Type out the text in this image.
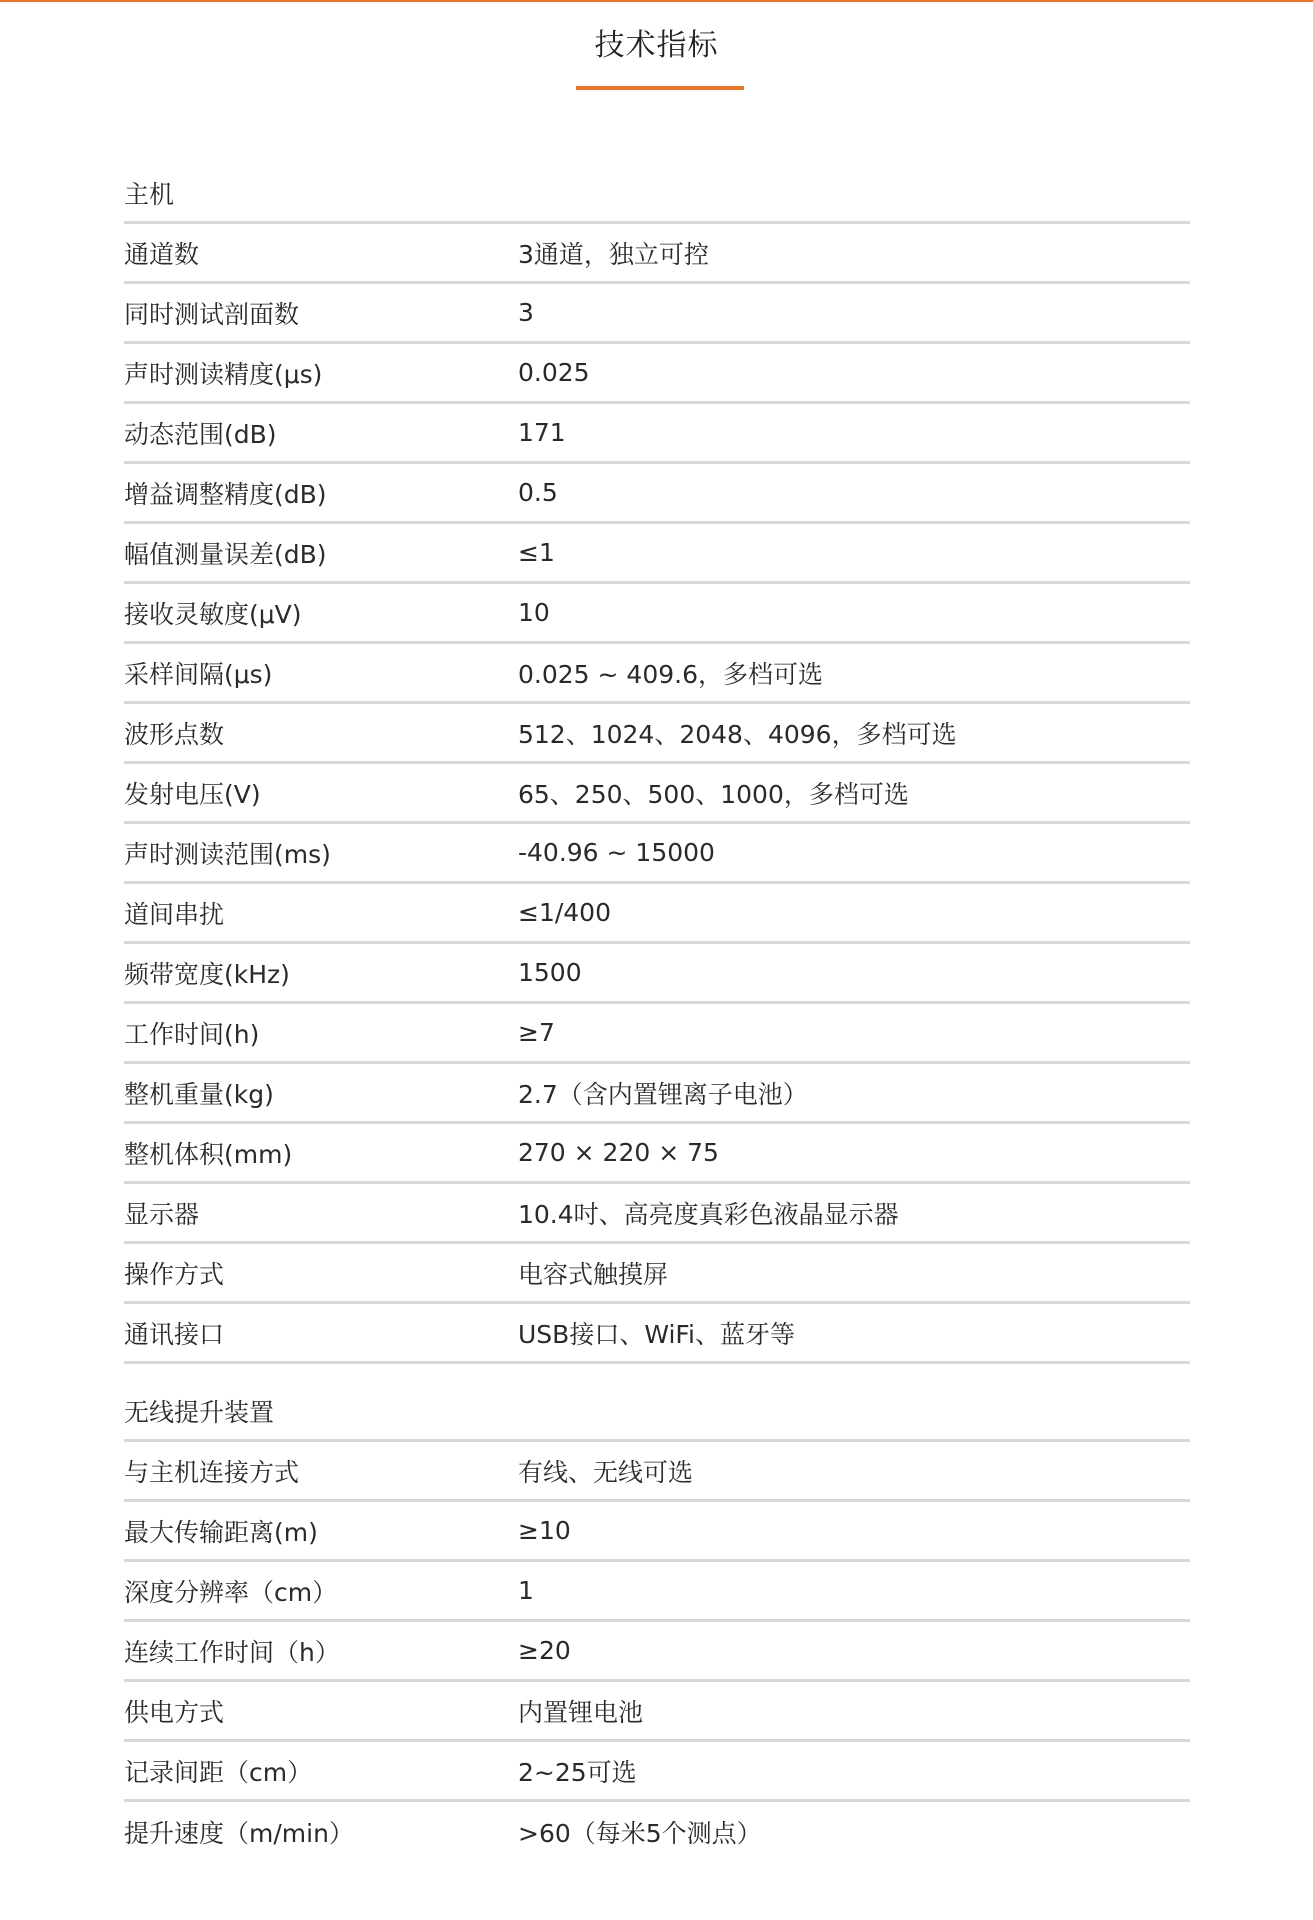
技术指标
主机
通道数	3通道，独立可控
同时测试剖面数	3
声时测读精度(μs)	0.025
动态范围(dB)	171
增益调整精度(dB)	0.5
幅值测量误差(dB)	≤1
接收灵敏度(μV)	10
采样间隔(μs)	0.025 ~ 409.6，多档可选
波形点数	512、1024、2048、4096，多档可选
发射电压(V)	65、250、500、1000，多档可选
声时测读范围(ms)	-40.96 ~ 15000
道间串扰	≤1/400
频带宽度(kHz)	1500
工作时间(h)	≥7
整机重量(kg)	2.7（含内置锂离子电池）
整机体积(mm)	270 × 220 × 75
显示器	10.4吋、高亮度真彩色液晶显示器
操作方式	电容式触摸屏
通讯接口	USB接口、WiFi、蓝牙等
无线提升装置
与主机连接方式	有线、无线可选
最大传输距离(m)	≥10
深度分辨率（cm）	1
连续工作时间（h）	≥20
供电方式	内置锂电池
记录间距（cm）	2~25可选
提升速度（m/min）	>60（每米5个测点）
